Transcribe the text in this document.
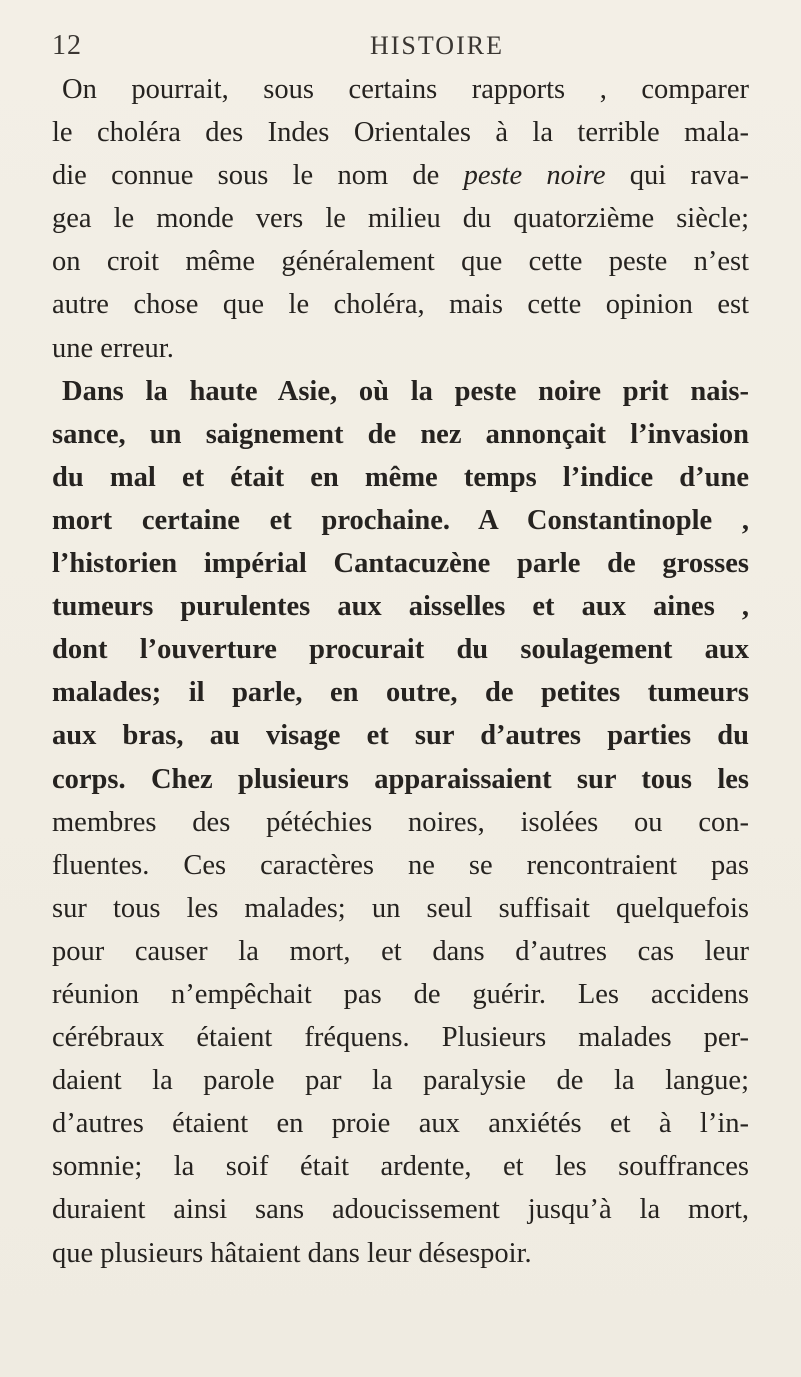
12	HISTOIRE
On pourrait, sous certains rapports , comparer
le choléra des Indes Orientales à la terrible mala-
die connue sous le nom de peste noire qui rava-
gea le monde vers le milieu du quatorzième siècle;
on croit même généralement que cette peste n’est
autre chose que le choléra, mais cette opinion est
une erreur.
Dans la haute Asie, où la peste noire prit nais-
sance, un saignement de nez annonçait l’invasion
du mal et était en même temps l’indice d’une
mort certaine et prochaine. A Constantinople ,
l’historien impérial Cantacuzène parle de grosses
tumeurs purulentes aux aisselles et aux aines ,
dont l’ouverture procurait du soulagement aux
malades; il parle, en outre, de petites tumeurs
aux bras, au visage et sur d’autres parties du
corps. Chez plusieurs apparaissaient sur tous les
membres des pétéchies noires, isolées ou con-
fluentes. Ces caractères ne se rencontraient pas
sur tous les malades; un seul suffisait quelquefois
pour causer la mort, et dans d’autres cas leur
réunion n’empêchait pas de guérir. Les accidens
cérébraux étaient fréquens. Plusieurs malades per-
daient la parole par la paralysie de la langue;
d’autres étaient en proie aux anxiétés et à l’in-
somnie; la soif était ardente, et les souffrances
duraient ainsi sans adoucissement jusqu’à la mort,
que plusieurs hâtaient dans leur désespoir.
